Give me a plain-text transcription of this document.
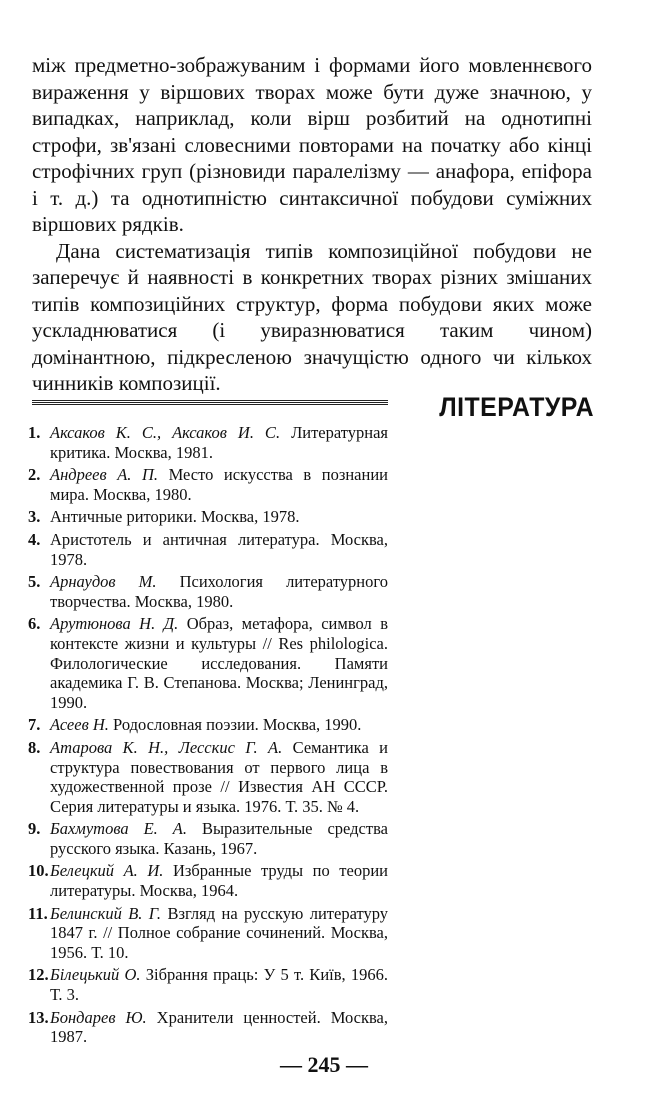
між предметно-зображуваним і формами його мовленнєвого вираження у віршових творах може бути дуже значною, у випадках, наприклад, коли вірш розбитий на однотипні строфи, зв'язані словесними повторами на початку або кінці строфічних груп (різновиди паралелізму — анафора, епіфора і т. д.) та однотипністю синтаксичної побудови суміжних віршових рядків.

Дана систематизація типів композиційної побудови не заперечує й наявності в конкретних творах різних змішаних типів композиційних структур, форма побудови яких може ускладнюватися (і увиразнюватися таким чином) домінантною, підкресленою значущістю одного чи кількох чинників композиції.

ЛІТЕРАТУРА
1. Аксаков К. С., Аксаков И. С. Литературная критика. Москва, 1981.
2. Андреев А. П. Место искусства в познании мира. Москва, 1980.
3. Античные риторики. Москва, 1978.
4. Аристотель и античная литература. Москва, 1978.
5. Арнаудов М. Психология литературного творчества. Москва, 1980.
6. Арутюнова Н. Д. Образ, метафора, символ в контексте жизни и культуры // Res philologica. Филологические исследования. Памяти академика Г. В. Степанова. Москва; Ленинград, 1990.
7. Асеев Н. Родословная поэзии. Москва, 1990.
8. Атарова К. Н., Лесскис Г. А. Семантика и структура повествования от первого лица в художественной прозе // Известия АН СССР. Серия литературы и языка. 1976. Т. 35. № 4.
9. Бахмутова Е. А. Выразительные средства русского языка. Казань, 1967.
10. Белецкий А. И. Избранные труды по теории литературы. Москва, 1964.
11. Белинский В. Г. Взгляд на русскую литературу 1847 г. // Полное собрание сочинений. Москва, 1956. Т. 10.
12. Білецький О. Зібрання праць: У 5 т. Київ, 1966. Т. 3.
13. Бондарев Ю. Хранители ценностей. Москва, 1987.
— 245 —
